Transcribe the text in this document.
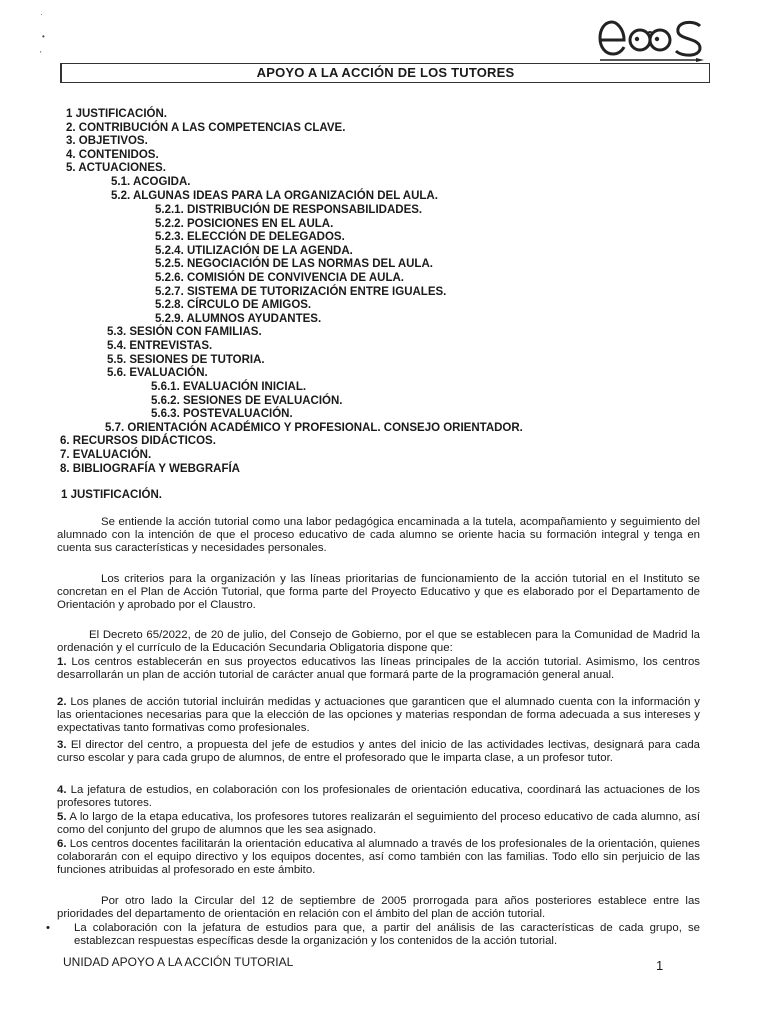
·
•
'
APOYO A LA ACCIÓN DE LOS TUTORES
1 JUSTIFICACIÓN.
2. CONTRIBUCIÓN A LAS COMPETENCIAS CLAVE.
3. OBJETIVOS.
4. CONTENIDOS.
5. ACTUACIONES.
5.1. ACOGIDA.
5.2. ALGUNAS IDEAS PARA LA ORGANIZACIÓN DEL AULA.
5.2.1. DISTRIBUCIÓN DE RESPONSABILIDADES.
5.2.2. POSICIONES EN EL AULA.
5.2.3. ELECCIÓN DE DELEGADOS.
5.2.4. UTILIZACIÓN DE LA AGENDA.
5.2.5. NEGOCIACIÓN DE LAS NORMAS DEL AULA.
5.2.6. COMISIÓN DE CONVIVENCIA DE AULA.
5.2.7. SISTEMA DE TUTORIZACIÓN ENTRE IGUALES.
5.2.8. CÍRCULO DE AMIGOS.
5.2.9. ALUMNOS AYUDANTES.
5.3. SESIÓN CON FAMILIAS.
5.4. ENTREVISTAS.
5.5. SESIONES DE TUTORIA.
5.6. EVALUACIÓN.
5.6.1. EVALUACIÓN INICIAL.
5.6.2. SESIONES DE EVALUACIÓN.
5.6.3. POSTEVALUACIÓN.
5.7. ORIENTACIÓN ACADÉMICO Y PROFESIONAL. CONSEJO ORIENTADOR.
6. RECURSOS DIDÁCTICOS.
7. EVALUACIÓN.
8. BIBLIOGRAFÍA Y WEBGRAFÍA
1 JUSTIFICACIÓN.
Se entiende la acción tutorial como una labor pedagógica encaminada a la tutela, acompañamiento y seguimiento del alumnado con la intención de que el proceso educativo de cada alumno se oriente hacia su formación integral y tenga en cuenta sus características y necesidades personales.
Los criterios para la organización y las líneas prioritarias de funcionamiento de la acción tutorial en el Instituto se concretan en el Plan de Acción Tutorial, que forma parte del Proyecto Educativo y que es elaborado por el Departamento de Orientación y aprobado por el Claustro.
El Decreto 65/2022, de 20 de julio, del Consejo de Gobierno, por el que se establecen para la Comunidad de Madrid la ordenación y el currículo de la Educación Secundaria Obligatoria dispone que:
1. Los centros establecerán en sus proyectos educativos las líneas principales de la acción tutorial. Asimismo, los centros desarrollarán un plan de acción tutorial de carácter anual que formará parte de la programación general anual.
2. Los planes de acción tutorial incluirán medidas y actuaciones que garanticen que el alumnado cuenta con la información y las orientaciones necesarias para que la elección de las opciones y materias respondan de forma adecuada a sus intereses y expectativas tanto formativas como profesionales.
3. El director del centro, a propuesta del jefe de estudios y antes del inicio de las actividades lectivas, designará para cada curso escolar y para cada grupo de alumnos, de entre el profesorado que le imparta clase, a un profesor tutor.
4. La jefatura de estudios, en colaboración con los profesionales de orientación educativa, coordinará las actuaciones de los profesores tutores.
5. A lo largo de la etapa educativa, los profesores tutores realizarán el seguimiento del proceso educativo de cada alumno, así como del conjunto del grupo de alumnos que les sea asignado.
6. Los centros docentes facilitarán la orientación educativa al alumnado a través de los profesionales de la orientación, quienes colaborarán con el equipo directivo y los equipos docentes, así como también con las familias. Todo ello sin perjuicio de las funciones atribuidas al profesorado en este ámbito.
Por otro lado la Circular del 12 de septiembre de 2005 prorrogada para años posteriores establece entre las prioridades del departamento de orientación en relación con el ámbito del plan de acción tutorial.
• La colaboración con la jefatura de estudios para que, a partir del análisis de las características de cada grupo, se establezcan respuestas específicas desde la organización y los contenidos de la acción tutorial.
UNIDAD APOYO A LA ACCIÓN TUTORIAL	1
